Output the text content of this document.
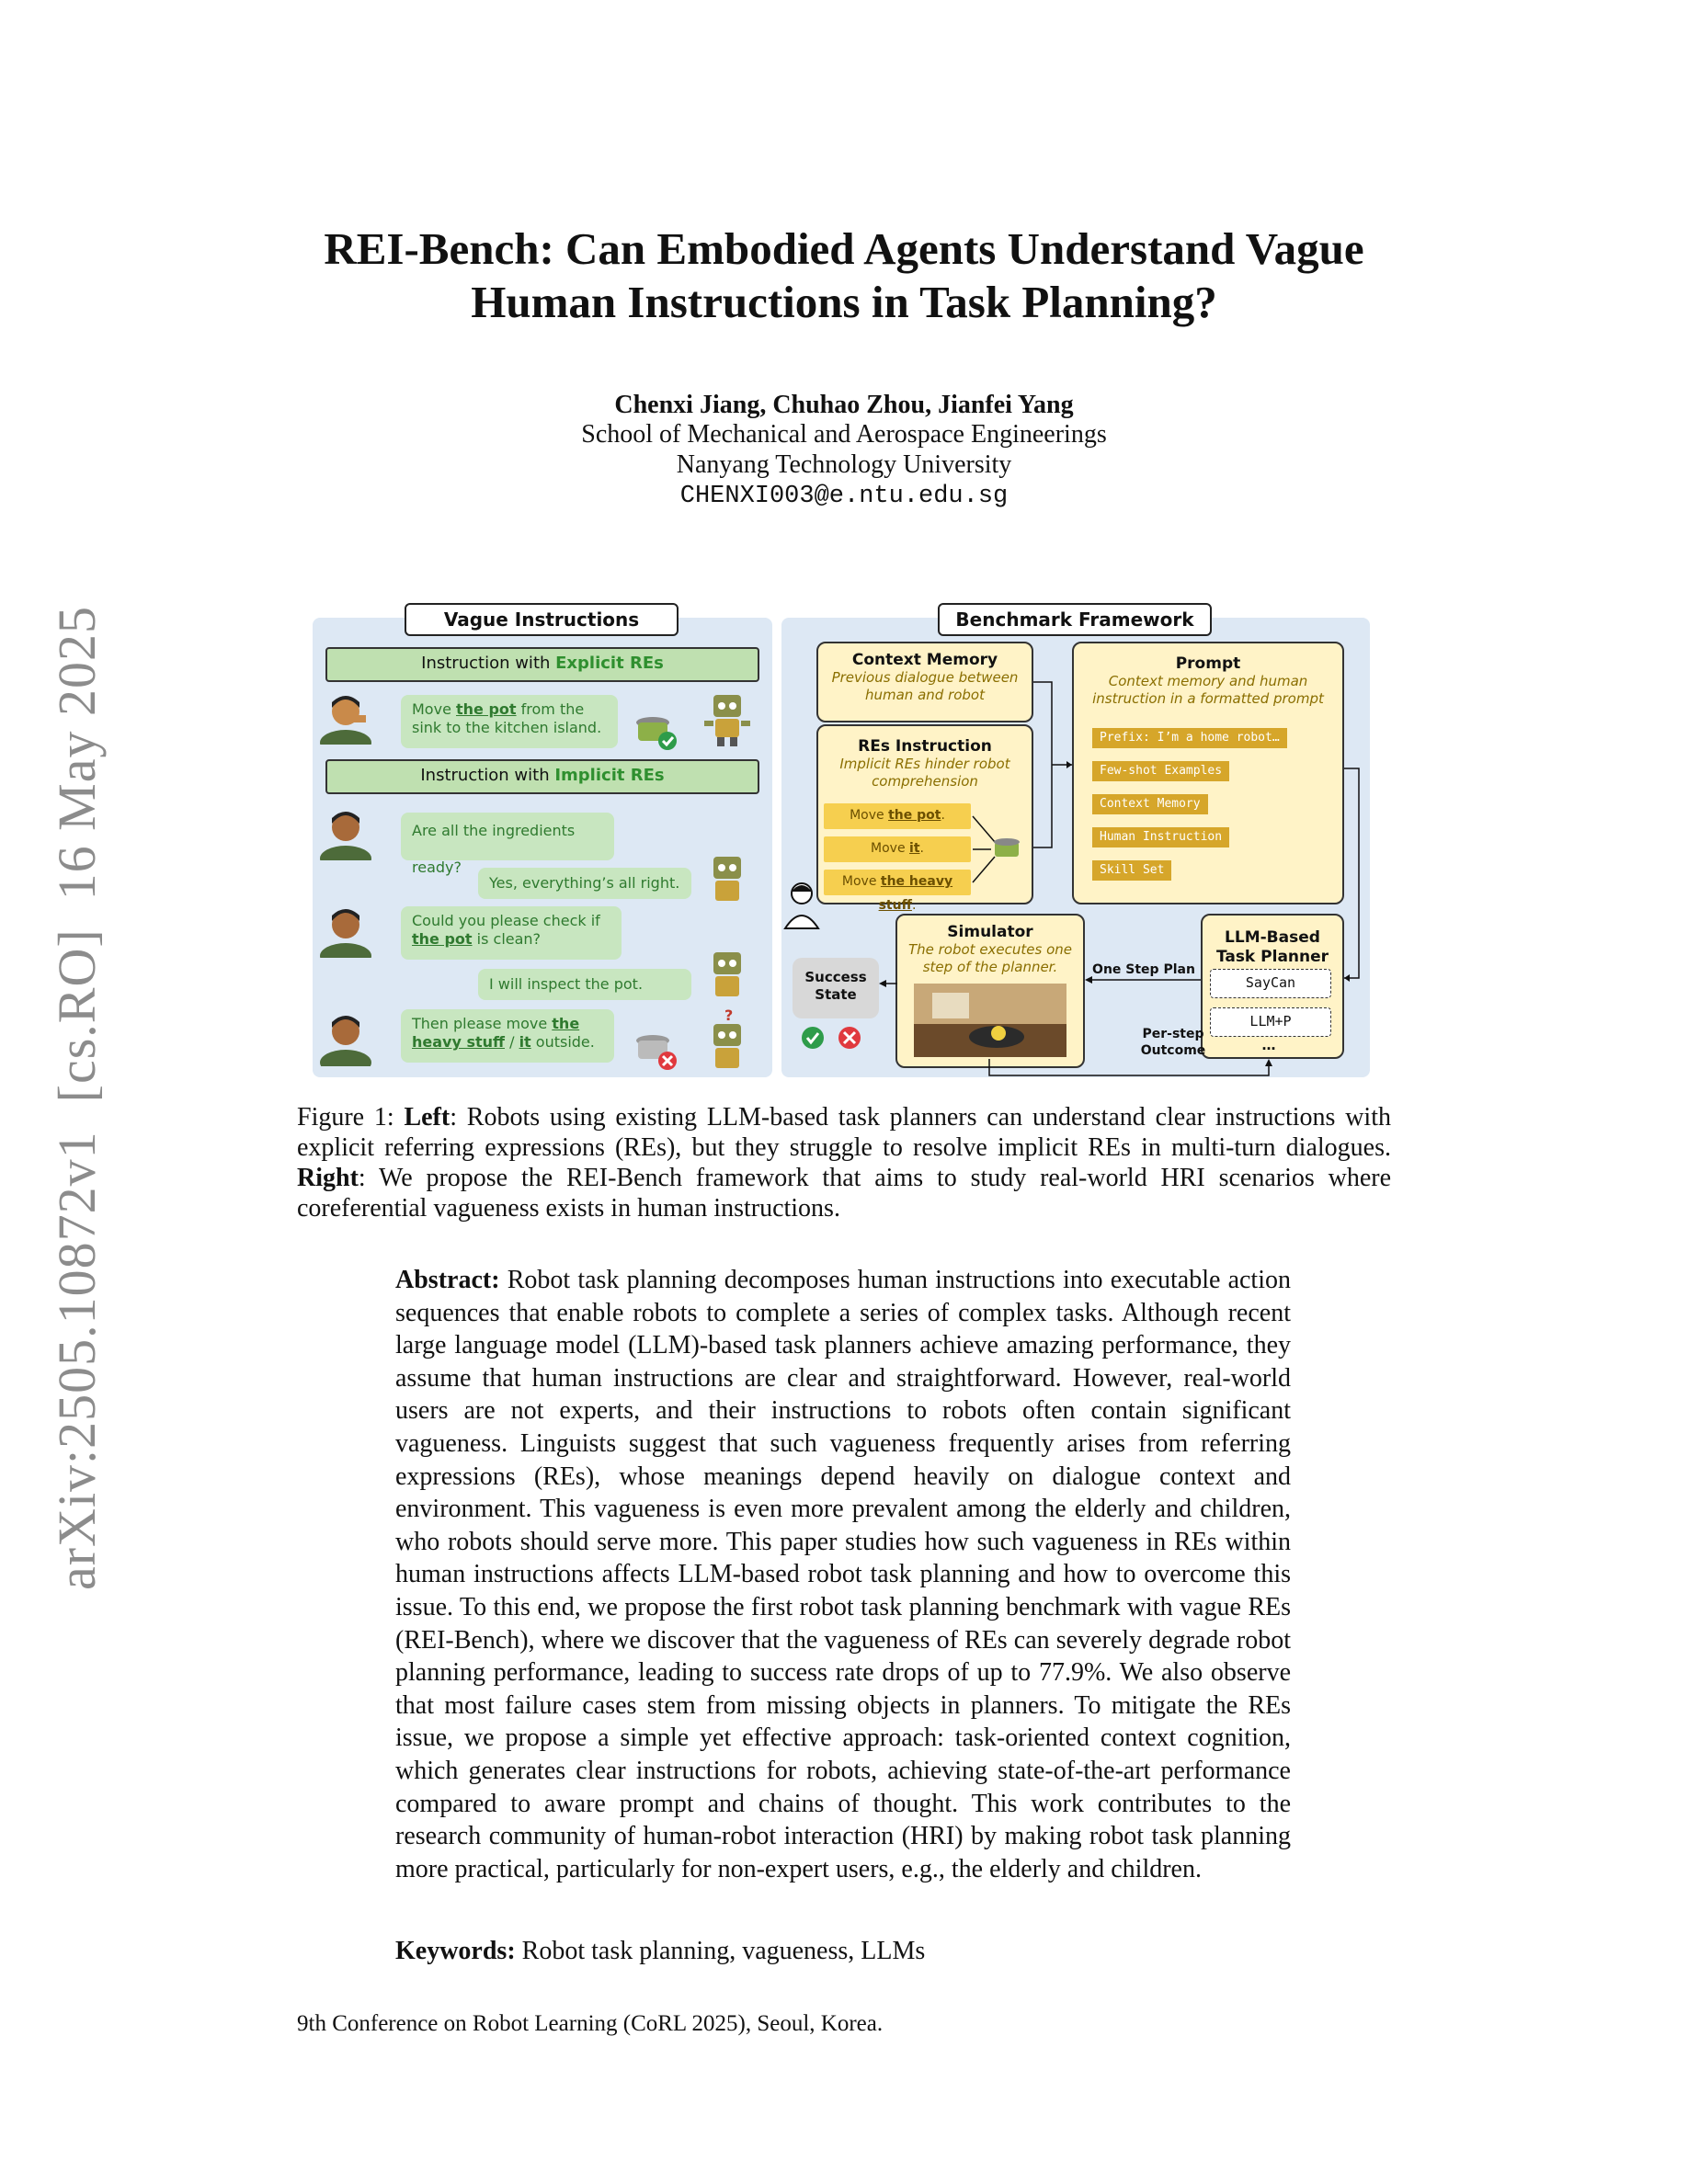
arXiv:2505.10872v1  [cs.RO]  16 May 2025
REI-Bench: Can Embodied Agents Understand Vague
Human Instructions in Task Planning?
Chenxi Jiang, Chuhao Zhou, Jianfei Yang
School of Mechanical and Aerospace Engineerings
Nanyang Technology University
CHENXI003@e.ntu.edu.sg
Vague Instructions
Instruction with Explicit REs
Move the pot from the sink to the kitchen island.
Instruction with Implicit REs
Are all the ingredients ready?
Yes, everything’s all right.
Could you please check if the pot is clean?
I will inspect the pot.
Then please move the heavy stuff / it outside.
?
Benchmark Framework
Context Memory
Previous dialogue between human and robot
REs Instruction
Implicit REs hinder robot comprehension
Move the pot.
Move it.
Move the heavy stuff.
Prompt
Context memory and human instruction in a formatted prompt
Prefix: I’m a home robot…
Few-shot Examples
Context Memory
Human Instruction
Skill Set
LLM-Based Task Planner
SayCan
LLM+P
…
Simulator
The robot executes one step of the planner.
Success State
One Step Plan
Per-step Outcome
Figure 1: Left: Robots using existing LLM-based task planners can understand clear instructions with explicit referring expressions (REs), but they struggle to resolve implicit REs in multi-turn dialogues. Right: We propose the REI-Bench framework that aims to study real-world HRI scenarios where coreferential vagueness exists in human instructions.
Abstract: Robot task planning decomposes human instructions into executable action sequences that enable robots to complete a series of complex tasks. Although recent large language model (LLM)-based task planners achieve amazing performance, they assume that human instructions are clear and straightforward. However, real-world users are not experts, and their instructions to robots often contain significant vagueness. Linguists suggest that such vagueness frequently arises from referring expressions (REs), whose meanings depend heavily on dialogue context and environment. This vagueness is even more prevalent among the elderly and children, who robots should serve more. This paper studies how such vagueness in REs within human instructions affects LLM-based robot task planning and how to overcome this issue. To this end, we propose the first robot task planning benchmark with vague REs (REI-Bench), where we discover that the vagueness of REs can severely degrade robot planning performance, leading to success rate drops of up to 77.9%. We also observe that most failure cases stem from missing objects in planners. To mitigate the REs issue, we propose a simple yet effective approach: task-oriented context cognition, which generates clear instructions for robots, achieving state-of-the-art performance compared to aware prompt and chains of thought. This work contributes to the research community of human-robot interaction (HRI) by making robot task planning more practical, particularly for non-expert users, e.g., the elderly and children.
Keywords: Robot task planning, vagueness, LLMs
9th Conference on Robot Learning (CoRL 2025), Seoul, Korea.
